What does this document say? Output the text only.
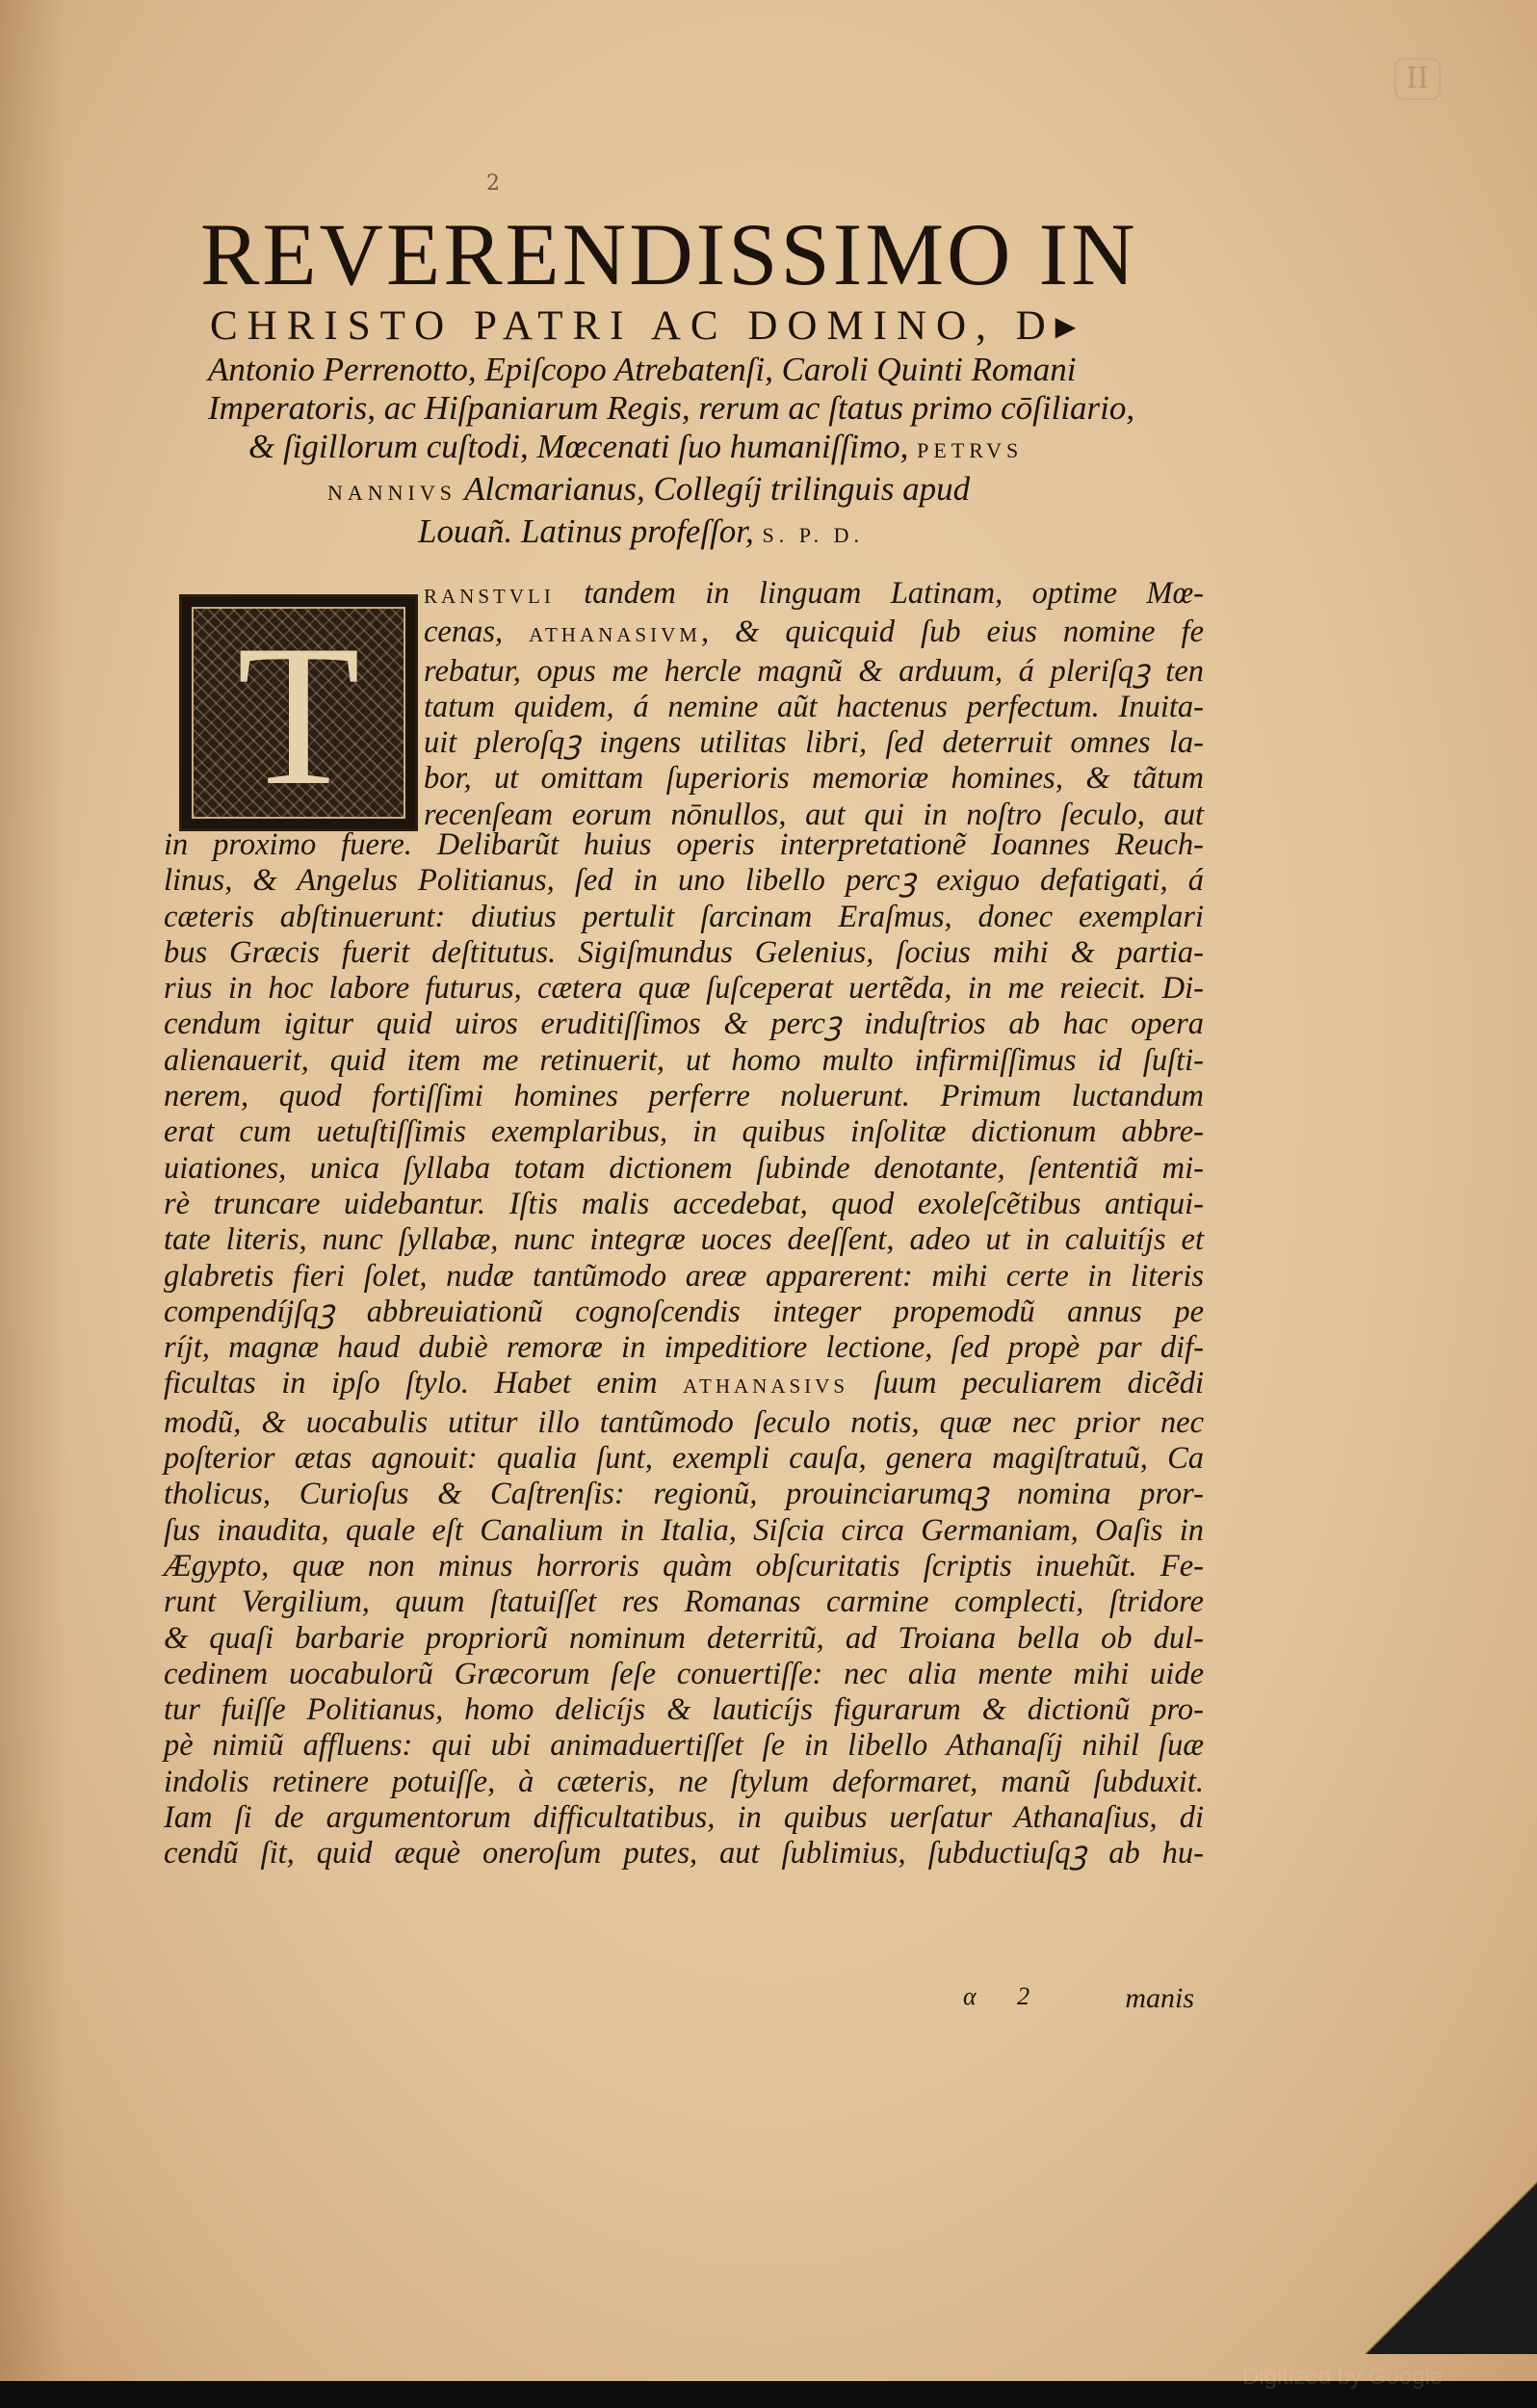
II
2
REVERENDISSIMO IN
CHRISTO PATRI AC DOMINO, D▸
Antonio Perrenotto, Epiſcopo Atrebatenſi, Caroli Quinti Romani
Imperatoris, ac Hiſpaniarum Regis, rerum ac ſtatus primo cōſiliario,
& ſigillorum cuſtodi, Mœcenati ſuo humaniſſimo, PETRVS
NANNIVS Alcmarianus, Collegíj trilinguis apud
Louañ. Latinus profeſſor, S. P. D.
T
RANSTVLI tandem in linguam Latinam, optime Mœ-
cenas, ATHANASIVM, & quicquid ſub eius nomine fe
rebatur, opus me hercle magnũ & arduum, á pleriſqꝫ ten
tatum quidem, á nemine aũt hactenus perfectum. Inuita-
uit pleroſqꝫ ingens utilitas libri, ſed deterruit omnes la-
bor, ut omittam ſuperioris memoriæ homines, & tãtum
recenſeam eorum nōnullos, aut qui in noſtro ſeculo, aut
in proximo fuere. Delibarũt huius operis interpretationẽ Ioannes Reuch-
linus, & Angelus Politianus, ſed in uno libello percꝫ exiguo defatigati, á
cæteris abſtinuerunt: diutius pertulit ſarcinam Eraſmus, donec exemplari
bus Græcis fuerit deſtitutus. Sigiſmundus Gelenius, ſocius mihi & partia-
rius in hoc labore futurus, cætera quæ ſuſceperat uertẽda, in me reiecit. Di-
cendum igitur quid uiros eruditiſſimos & percꝫ induſtrios ab hac opera
alienauerit, quid item me retinuerit, ut homo multo infirmiſſimus id ſuſti-
nerem, quod fortiſſimi homines perferre noluerunt. Primum luctandum
erat cum uetuſtiſſimis exemplaribus, in quibus inſolitæ dictionum abbre-
uiationes, unica ſyllaba totam dictionem ſubinde denotante, ſententiã mi-
rè truncare uidebantur. Iſtis malis accedebat, quod exoleſcẽtibus antiqui-
tate literis, nunc ſyllabæ, nunc integræ uoces deeſſent, adeo ut in caluitíjs et
glabretis fieri ſolet, nudæ tantũmodo areæ apparerent: mihi certe in literis
compendíjſqꝫ abbreuiationũ cognoſcendis integer propemodũ annus pe
ríjt, magnæ haud dubiè remoræ in impeditiore lectione, ſed propè par dif-
ficultas in ipſo ſtylo. Habet enim ATHANASIVS ſuum peculiarem dicẽdi
modũ, & uocabulis utitur illo tantũmodo ſeculo notis, quæ nec prior nec
poſterior ætas agnouit: qualia ſunt, exempli cauſa, genera magiſtratuũ, Ca
tholicus, Curioſus & Caſtrenſis: regionũ, prouinciarumqꝫ nomina pror-
ſus inaudita, quale eſt Canalium in Italia, Siſcia circa Germaniam, Oaſis in
Ægypto, quæ non minus horroris quàm obſcuritatis ſcriptis inuehũt. Fe-
runt Vergilium, quum ſtatuiſſet res Romanas carmine complecti, ſtridore
& quaſi barbarie propriorũ nominum deterritũ, ad Troiana bella ob dul-
cedinem uocabulorũ Græcorum ſeſe conuertiſſe: nec alia mente mihi uide
tur fuiſſe Politianus, homo delicíjs & lauticíjs figurarum & dictionũ pro-
pè nimiũ affluens: qui ubi animaduertiſſet ſe in libello Athanaſíj nihil ſuæ
indolis retinere potuiſſe, à cæteris, ne ſtylum deformaret, manũ ſubduxit.
Iam ſi de argumentorum difficultatibus, in quibus uerſatur Athanaſius, di
cendũ ſit, quid æquè oneroſum putes, aut ſublimius, ſubductiuſqꝫ ab hu-
α 2	manis
Digitized by Google
